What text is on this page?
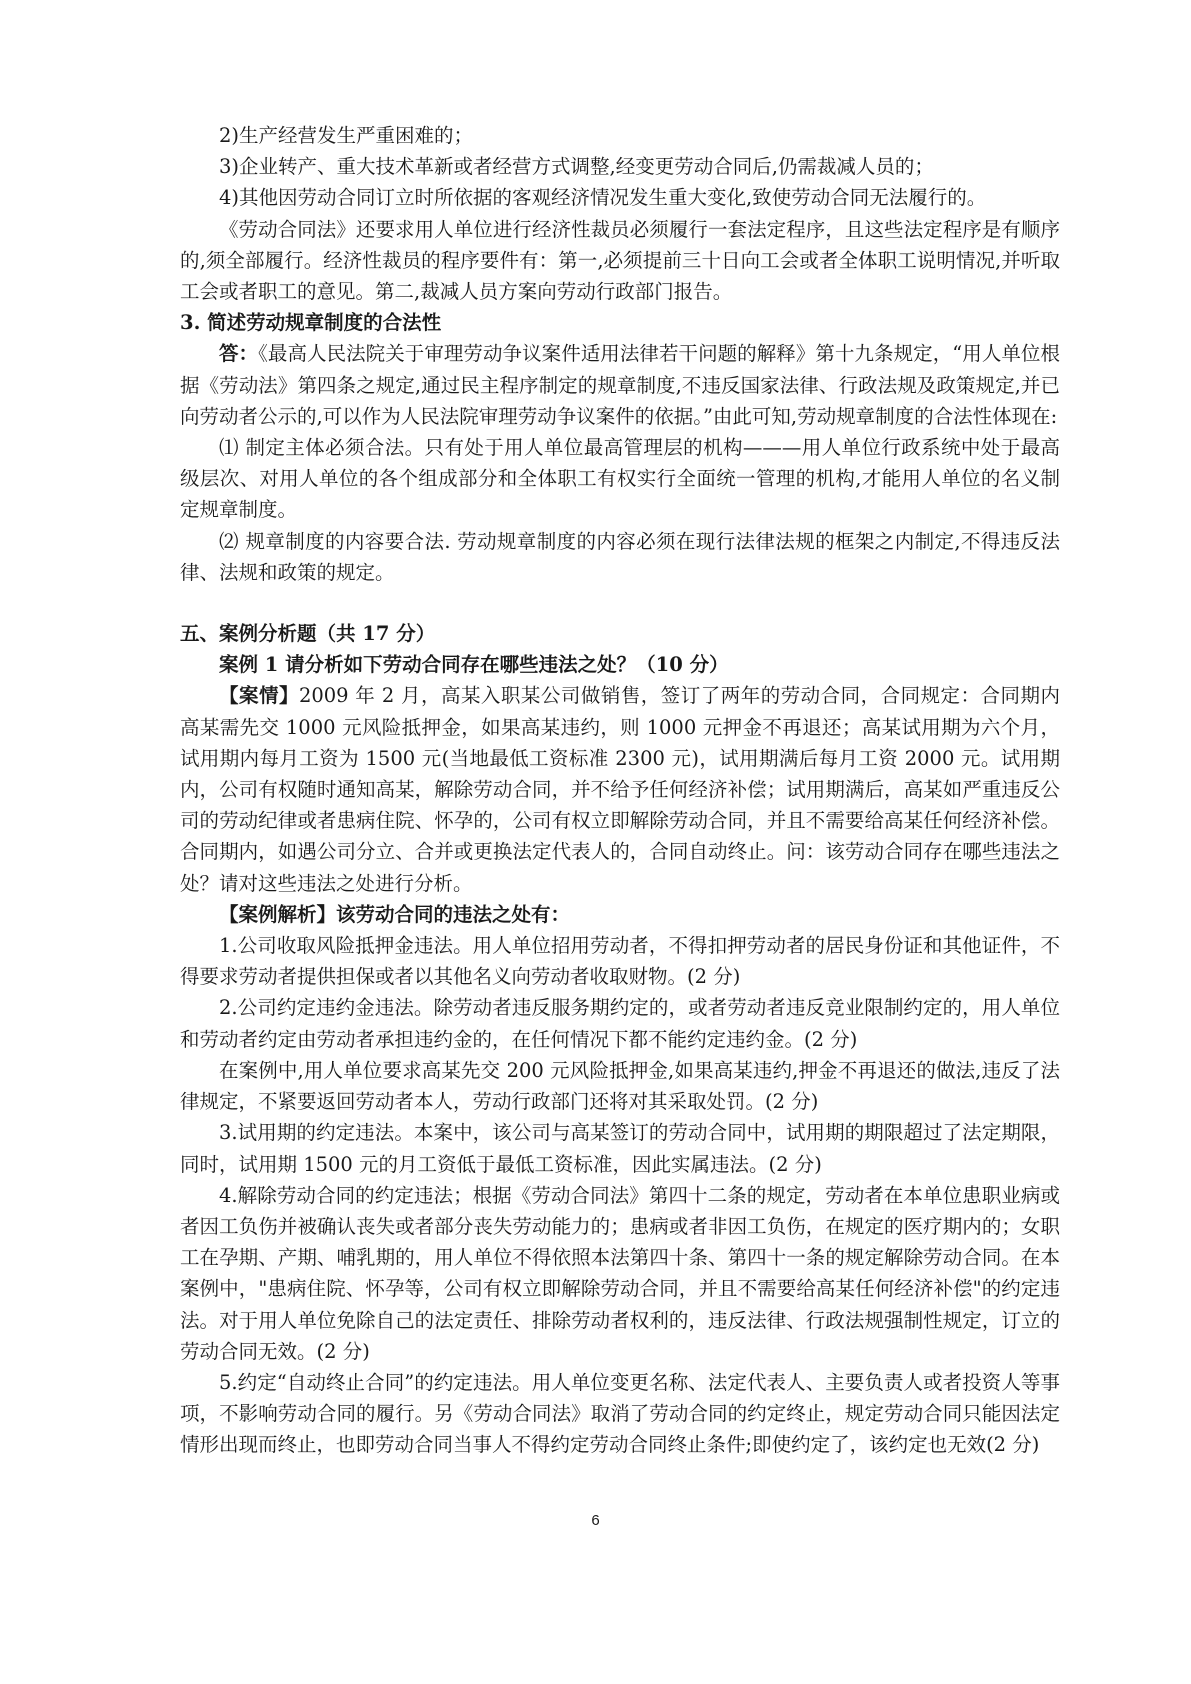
2)生产经营发生严重困难的；

3)企业转产、重大技术革新或者经营方式调整,经变更劳动合同后,仍需裁减人员的；

4)其他因劳动合同订立时所依据的客观经济情况发生重大变化,致使劳动合同无法履行的。

《劳动合同法》还要求用人单位进行经济性裁员必须履行一套法定程序，且这些法定程序是有顺序的,须全部履行。经济性裁员的程序要件有：第一,必须提前三十日向工会或者全体职工说明情况,并听取工会或者职工的意见。第二,裁减人员方案向劳动行政部门报告。

3. 简述劳动规章制度的合法性

答：《最高人民法院关于审理劳动争议案件适用法律若干问题的解释》第十九条规定，“用人单位根据《劳动法》第四条之规定,通过民主程序制定的规章制度,不违反国家法律、行政法规及政策规定,并已向劳动者公示的,可以作为人民法院审理劳动争议案件的依据。”由此可知,劳动规章制度的合法性体现在:

⑴ 制定主体必须合法。只有处于用人单位最高管理层的机构———用人单位行政系统中处于最高级层次、对用人单位的各个组成部分和全体职工有权实行全面统一管理的机构,才能用人单位的名义制定规章制度。

⑵ 规章制度的内容要合法. 劳动规章制度的内容必须在现行法律法规的框架之内制定,不得违反法律、法规和政策的规定。

五、案例分析题（共 17 分）

案例 1 请分析如下劳动合同存在哪些违法之处？（10 分）

【案情】2009 年 2 月，高某入职某公司做销售，签订了两年的劳动合同，合同规定：合同期内高某需先交 1000 元风险抵押金，如果高某违约，则 1000 元押金不再退还；高某试用期为六个月，试用期内每月工资为 1500 元(当地最低工资标准 2300 元)，试用期满后每月工资 2000 元。试用期内，公司有权随时通知高某，解除劳动合同，并不给予任何经济补偿；试用期满后，高某如严重违反公司的劳动纪律或者患病住院、怀孕的，公司有权立即解除劳动合同，并且不需要给高某任何经济补偿。合同期内，如遇公司分立、合并或更换法定代表人的，合同自动终止。问：该劳动合同存在哪些违法之处？请对这些违法之处进行分析。

【案例解析】该劳动合同的违法之处有：

1.公司收取风险抵押金违法。用人单位招用劳动者，不得扣押劳动者的居民身份证和其他证件，不得要求劳动者提供担保或者以其他名义向劳动者收取财物。(2 分)

2.公司约定违约金违法。除劳动者违反服务期约定的，或者劳动者违反竞业限制约定的，用人单位和劳动者约定由劳动者承担违约金的，在任何情况下都不能约定违约金。(2 分)

在案例中,用人单位要求高某先交 200 元风险抵押金,如果高某违约,押金不再退还的做法,违反了法律规定，不紧要返回劳动者本人，劳动行政部门还将对其采取处罚。(2 分)

3.试用期的约定违法。本案中，该公司与高某签订的劳动合同中，试用期的期限超过了法定期限，同时，试用期 1500 元的月工资低于最低工资标准，因此实属违法。(2 分)

4.解除劳动合同的约定违法；根据《劳动合同法》第四十二条的规定，劳动者在本单位患职业病或者因工负伤并被确认丧失或者部分丧失劳动能力的；患病或者非因工负伤，在规定的医疗期内的；女职工在孕期、产期、哺乳期的，用人单位不得依照本法第四十条、第四十一条的规定解除劳动合同。在本案例中，"患病住院、怀孕等，公司有权立即解除劳动合同，并且不需要给高某任何经济补偿"的约定违法。对于用人单位免除自己的法定责任、排除劳动者权利的，违反法律、行政法规强制性规定，订立的劳动合同无效。(2 分)

5.约定“自动终止合同”的约定违法。用人单位变更名称、法定代表人、主要负责人或者投资人等事项，不影响劳动合同的履行。另《劳动合同法》取消了劳动合同的约定终止，规定劳动合同只能因法定情形出现而终止，也即劳动合同当事人不得约定劳动合同终止条件;即使约定了，该约定也无效(2 分)

6
